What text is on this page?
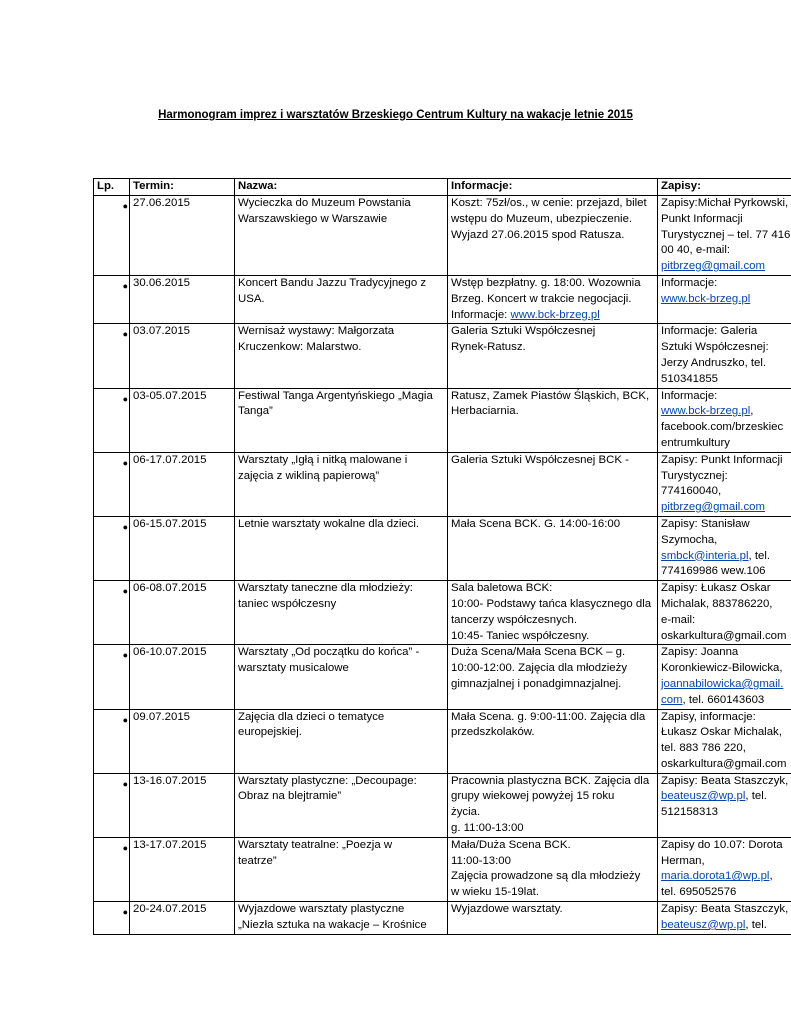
Harmonogram imprez i warsztatów Brzeskiego Centrum Kultury na wakacje letnie 2015
Lp.	Termin:	Nazwa:	Informacje:	Zapisy:
●	27.06.2015	Wycieczka do Muzeum Powstania
Warszawskiego w Warszawie	Koszt: 75zł/os., w cenie: przejazd, bilet
wstępu do Muzeum, ubezpieczenie.
Wyjazd 27.06.2015 spod Ratusza.	Zapisy:Michał Pyrkowski,
Punkt Informacji
Turystycznej – tel. 77 416
00 40, e-mail:
pitbrzeg@gmail.com
●	30.06.2015	Koncert Bandu Jazzu Tradycyjnego z
USA.	Wstęp bezpłatny. g. 18:00. Wozownia
Brzeg. Koncert w trakcie negocjacji.
Informacje: www.bck-brzeg.pl	Informacje:
www.bck-brzeg.pl
●	03.07.2015	Wernisaż wystawy: Małgorzata
Kruczenkow: Malarstwo.	Galeria Sztuki Współczesnej
Rynek-Ratusz.	Informacje: Galeria
Sztuki Współczesnej:
Jerzy Andruszko, tel.
510341855
●	03-05.07.2015	Festiwal Tanga Argentyńskiego „Magia
Tanga”	Ratusz, Zamek Piastów Śląskich, BCK,
Herbaciarnia.	Informacje:
www.bck-brzeg.pl,
facebook.com/brzeskiec
entrumkultury
●	06-17.07.2015	Warsztaty „Igłą i nitką malowane i
zajęcia z wikliną papierową”	Galeria Sztuki Współczesnej BCK -	Zapisy: Punkt Informacji
Turystycznej:
774160040,
pitbrzeg@gmail.com
●	06-15.07.2015	Letnie warsztaty wokalne dla dzieci.	Mała Scena BCK. G. 14:00-16:00	Zapisy: Stanisław
Szymocha,
smbck@interia.pl, tel.
774169986 wew.106
●	06-08.07.2015	Warsztaty taneczne dla młodzieży:
taniec współczesny	Sala baletowa BCK:
10:00- Podstawy tańca klasycznego dla
tancerzy współczesnych.
10:45- Taniec współczesny.	Zapisy: Łukasz Oskar
Michalak, 883786220,
e-mail:
oskarkultura@gmail.com
●	06-10.07.2015	Warsztaty „Od początku do końca” -
warsztaty musicalowe	Duża Scena/Mała Scena BCK – g.
10:00-12:00. Zajęcia dla młodzieży
gimnazjalnej i ponadgimnazjalnej.	Zapisy: Joanna
Koronkiewicz-Bilowicka,
joannabilowicka@gmail.
com, tel. 660143603
●	09.07.2015	Zajęcia dla dzieci o tematyce
europejskiej.	Mała Scena. g. 9:00-11:00. Zajęcia dla
przedszkolaków.	Zapisy, informacje:
Łukasz Oskar Michalak,
tel. 883 786 220,
oskarkultura@gmail.com
●	13-16.07.2015	Warsztaty plastyczne: „Decoupage:
Obraz na blejtramie”	Pracownia plastyczna BCK. Zajęcia dla
grupy wiekowej powyżej 15 roku
życia.
g. 11:00-13:00	Zapisy: Beata Staszczyk,
beateusz@wp.pl, tel.
512158313
●	13-17.07.2015	Warsztaty teatralne: „Poezja w
teatrze”	Mała/Duża Scena BCK.
11:00-13:00
Zajęcia prowadzone są dla młodzieży
w wieku 15-19lat.	Zapisy do 10.07: Dorota
Herman,
maria.dorota1@wp.pl,
tel. 695052576
●	20-24.07.2015	Wyjazdowe warsztaty plastyczne
„Niezła sztuka na wakacje – Krośnice	Wyjazdowe warsztaty.	Zapisy: Beata Staszczyk,
beateusz@wp.pl, tel.
